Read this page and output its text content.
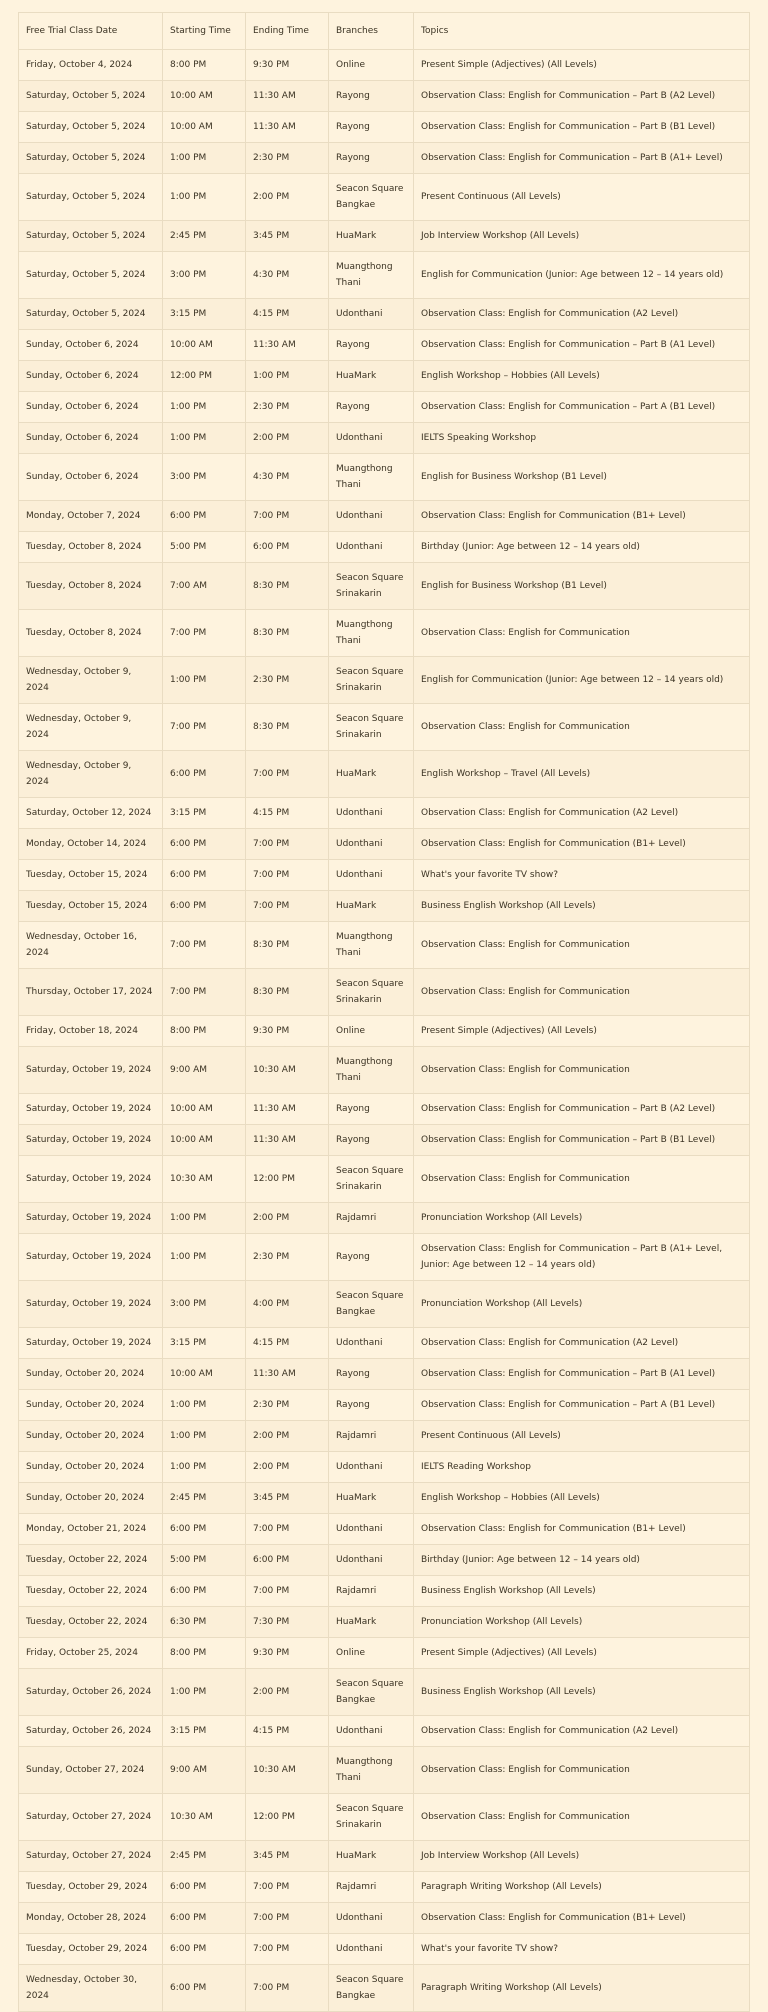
Free Trial Class Date	Starting Time	Ending Time	Branches	Topics
Friday, October 4, 2024	8:00 PM	9:30 PM	Online	Present Simple (Adjectives) (All Levels)
Saturday, October 5, 2024	10:00 AM	11:30 AM	Rayong	Observation Class: English for Communication – Part B (A2 Level)
Saturday, October 5, 2024	10:00 AM	11:30 AM	Rayong	Observation Class: English for Communication – Part B (B1 Level)
Saturday, October 5, 2024	1:00 PM	2:30 PM	Rayong	Observation Class: English for Communication – Part B (A1+ Level)
Saturday, October 5, 2024	1:00 PM	2:00 PM	Seacon Square Bangkae	Present Continuous (All Levels)
Saturday, October 5, 2024	2:45 PM	3:45 PM	HuaMark	Job Interview Workshop (All Levels)
Saturday, October 5, 2024	3:00 PM	4:30 PM	Muangthong Thani	English for Communication (Junior: Age between 12 – 14 years old)
Saturday, October 5, 2024	3:15 PM	4:15 PM	Udonthani	Observation Class: English for Communication (A2 Level)
Sunday, October 6, 2024	10:00 AM	11:30 AM	Rayong	Observation Class: English for Communication – Part B (A1 Level)
Sunday, October 6, 2024	12:00 PM	1:00 PM	HuaMark	English Workshop – Hobbies (All Levels)
Sunday, October 6, 2024	1:00 PM	2:30 PM	Rayong	Observation Class: English for Communication – Part A (B1 Level)
Sunday, October 6, 2024	1:00 PM	2:00 PM	Udonthani	IELTS Speaking Workshop
Sunday, October 6, 2024	3:00 PM	4:30 PM	Muangthong Thani	English for Business Workshop (B1 Level)
Monday, October 7, 2024	6:00 PM	7:00 PM	Udonthani	Observation Class: English for Communication (B1+ Level)
Tuesday, October 8, 2024	5:00 PM	6:00 PM	Udonthani	Birthday (Junior: Age between 12 – 14 years old)
Tuesday, October 8, 2024	7:00 AM	8:30 PM	Seacon Square Srinakarin	English for Business Workshop (B1 Level)
Tuesday, October 8, 2024	7:00 PM	8:30 PM	Muangthong Thani	Observation Class: English for Communication
Wednesday, October 9, 2024	1:00 PM	2:30 PM	Seacon Square Srinakarin	English for Communication (Junior: Age between 12 – 14 years old)
Wednesday, October 9, 2024	7:00 PM	8:30 PM	Seacon Square Srinakarin	Observation Class: English for Communication
Wednesday, October 9, 2024	6:00 PM	7:00 PM	HuaMark	English Workshop – Travel (All Levels)
Saturday, October 12, 2024	3:15 PM	4:15 PM	Udonthani	Observation Class: English for Communication (A2 Level)
Monday, October 14, 2024	6:00 PM	7:00 PM	Udonthani	Observation Class: English for Communication (B1+ Level)
Tuesday, October 15, 2024	6:00 PM	7:00 PM	Udonthani	What's your favorite TV show?
Tuesday, October 15, 2024	6:00 PM	7:00 PM	HuaMark	Business English Workshop (All Levels)
Wednesday, October 16, 2024	7:00 PM	8:30 PM	Muangthong Thani	Observation Class: English for Communication
Thursday, October 17, 2024	7:00 PM	8:30 PM	Seacon Square Srinakarin	Observation Class: English for Communication
Friday, October 18, 2024	8:00 PM	9:30 PM	Online	Present Simple (Adjectives) (All Levels)
Saturday, October 19, 2024	9:00 AM	10:30 AM	Muangthong Thani	Observation Class: English for Communication
Saturday, October 19, 2024	10:00 AM	11:30 AM	Rayong	Observation Class: English for Communication – Part B (A2 Level)
Saturday, October 19, 2024	10:00 AM	11:30 AM	Rayong	Observation Class: English for Communication – Part B (B1 Level)
Saturday, October 19, 2024	10:30 AM	12:00 PM	Seacon Square Srinakarin	Observation Class: English for Communication
Saturday, October 19, 2024	1:00 PM	2:00 PM	Rajdamri	Pronunciation Workshop (All Levels)
Saturday, October 19, 2024	1:00 PM	2:30 PM	Rayong	Observation Class: English for Communication – Part B (A1+ Level, Junior: Age between 12 – 14 years old)
Saturday, October 19, 2024	3:00 PM	4:00 PM	Seacon Square Bangkae	Pronunciation Workshop (All Levels)
Saturday, October 19, 2024	3:15 PM	4:15 PM	Udonthani	Observation Class: English for Communication (A2 Level)
Sunday, October 20, 2024	10:00 AM	11:30 AM	Rayong	Observation Class: English for Communication – Part B (A1 Level)
Sunday, October 20, 2024	1:00 PM	2:30 PM	Rayong	Observation Class: English for Communication – Part A (B1 Level)
Sunday, October 20, 2024	1:00 PM	2:00 PM	Rajdamri	Present Continuous (All Levels)
Sunday, October 20, 2024	1:00 PM	2:00 PM	Udonthani	IELTS Reading Workshop
Sunday, October 20, 2024	2:45 PM	3:45 PM	HuaMark	English Workshop – Hobbies (All Levels)
Monday, October 21, 2024	6:00 PM	7:00 PM	Udonthani	Observation Class: English for Communication (B1+ Level)
Tuesday, October 22, 2024	5:00 PM	6:00 PM	Udonthani	Birthday (Junior: Age between 12 – 14 years old)
Tuesday, October 22, 2024	6:00 PM	7:00 PM	Rajdamri	Business English Workshop (All Levels)
Tuesday, October 22, 2024	6:30 PM	7:30 PM	HuaMark	Pronunciation Workshop (All Levels)
Friday, October 25, 2024	8:00 PM	9:30 PM	Online	Present Simple (Adjectives) (All Levels)
Saturday, October 26, 2024	1:00 PM	2:00 PM	Seacon Square Bangkae	Business English Workshop (All Levels)
Saturday, October 26, 2024	3:15 PM	4:15 PM	Udonthani	Observation Class: English for Communication (A2 Level)
Sunday, October 27, 2024	9:00 AM	10:30 AM	Muangthong Thani	Observation Class: English for Communication
Saturday, October 27, 2024	10:30 AM	12:00 PM	Seacon Square Srinakarin	Observation Class: English for Communication
Saturday, October 27, 2024	2:45 PM	3:45 PM	HuaMark	Job Interview Workshop (All Levels)
Tuesday, October 29, 2024	6:00 PM	7:00 PM	Rajdamri	Paragraph Writing Workshop (All Levels)
Monday, October 28, 2024	6:00 PM	7:00 PM	Udonthani	Observation Class: English for Communication (B1+ Level)
Tuesday, October 29, 2024	6:00 PM	7:00 PM	Udonthani	What's your favorite TV show?
Wednesday, October 30, 2024	6:00 PM	7:00 PM	Seacon Square Bangkae	Paragraph Writing Workshop (All Levels)
